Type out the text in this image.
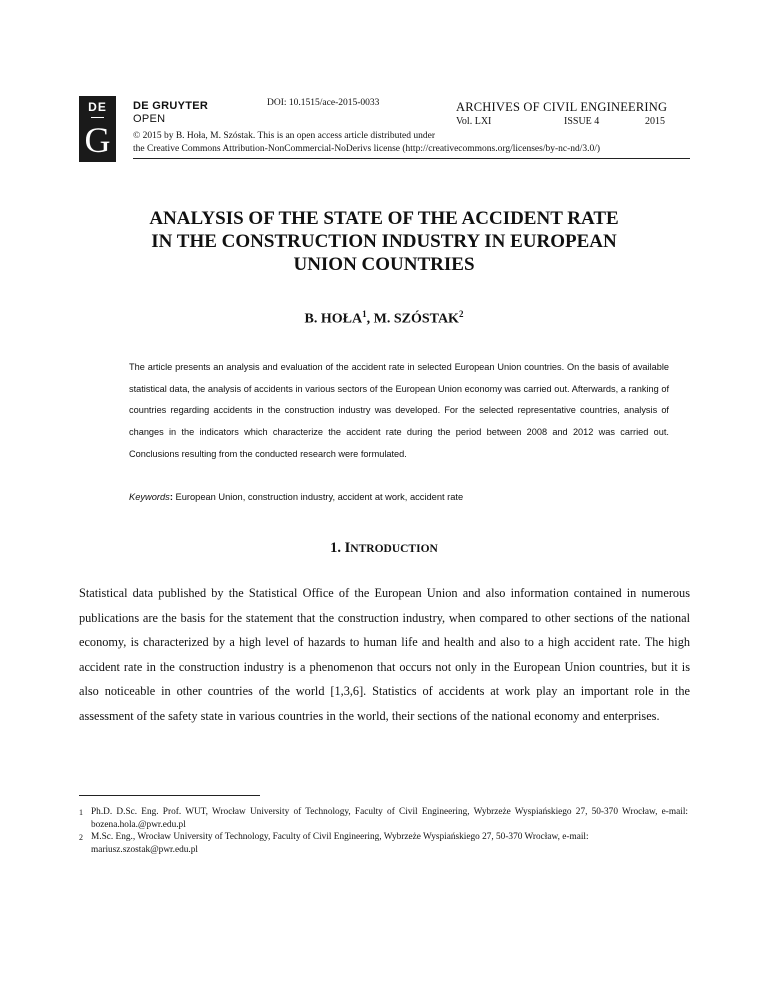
DE
G
DE GRUYTER
OPEN
DOI: 10.1515/ace-2015-0033	ARCHIVES OF CIVIL ENGINEERING
Vol. LXI	ISSUE 4	2015
© 2015 by B. Hoła, M. Szóstak. This is an open access article distributed under
the Creative Commons Attribution-NonCommercial-NoDerivs license (http://creativecommons.org/licenses/by-nc-nd/3.0/)
ANALYSIS OF THE STATE OF THE ACCIDENT RATE
IN THE CONSTRUCTION INDUSTRY IN EUROPEAN
UNION COUNTRIES
B. HOŁA$^1$, M. SZÓSTAK$^2$

The article presents an analysis and evaluation of the accident rate in selected European Union countries. On the basis of available statistical data, the analysis of accidents in various sectors of the European Union economy was carried out. Afterwards, a ranking of countries regarding accidents in the construction industry was developed. For the selected representative countries, analysis of changes in the indicators which characterize the accident rate during the period between 2008 and 2012 was carried out. Conclusions resulting from the conducted research were formulated.

Keywords: European Union, construction industry, accident at work, accident rate
1. INTRODUCTION

Statistical data published by the Statistical Office of the European Union and also information contained in numerous publications are the basis for the statement that the construction industry, when compared to other sections of the national economy, is characterized by a high level of hazards to human life and health and also to a high accident rate. The high accident rate in the construction industry is a phenomenon that occurs not only in the European Union countries, but it is also noticeable in other countries of the world [1,3,6]. Statistics of accidents at work play an important role in the assessment of the safety state in various countries in the world, their sections of the national economy and enterprises.

1 Ph.D. D.Sc. Eng. Prof. WUT, Wrocław University of Technology, Faculty of Civil Engineering, Wybrzeże Wyspiańskiego 27, 50-370 Wrocław, e-mail: bozena.hola.@pwr.edu.pl
2 M.Sc. Eng., Wrocław University of Technology, Faculty of Civil Engineering, Wybrzeże Wyspiańskiego 27, 50-370 Wrocław, e-mail: mariusz.szostak@pwr.edu.pl
